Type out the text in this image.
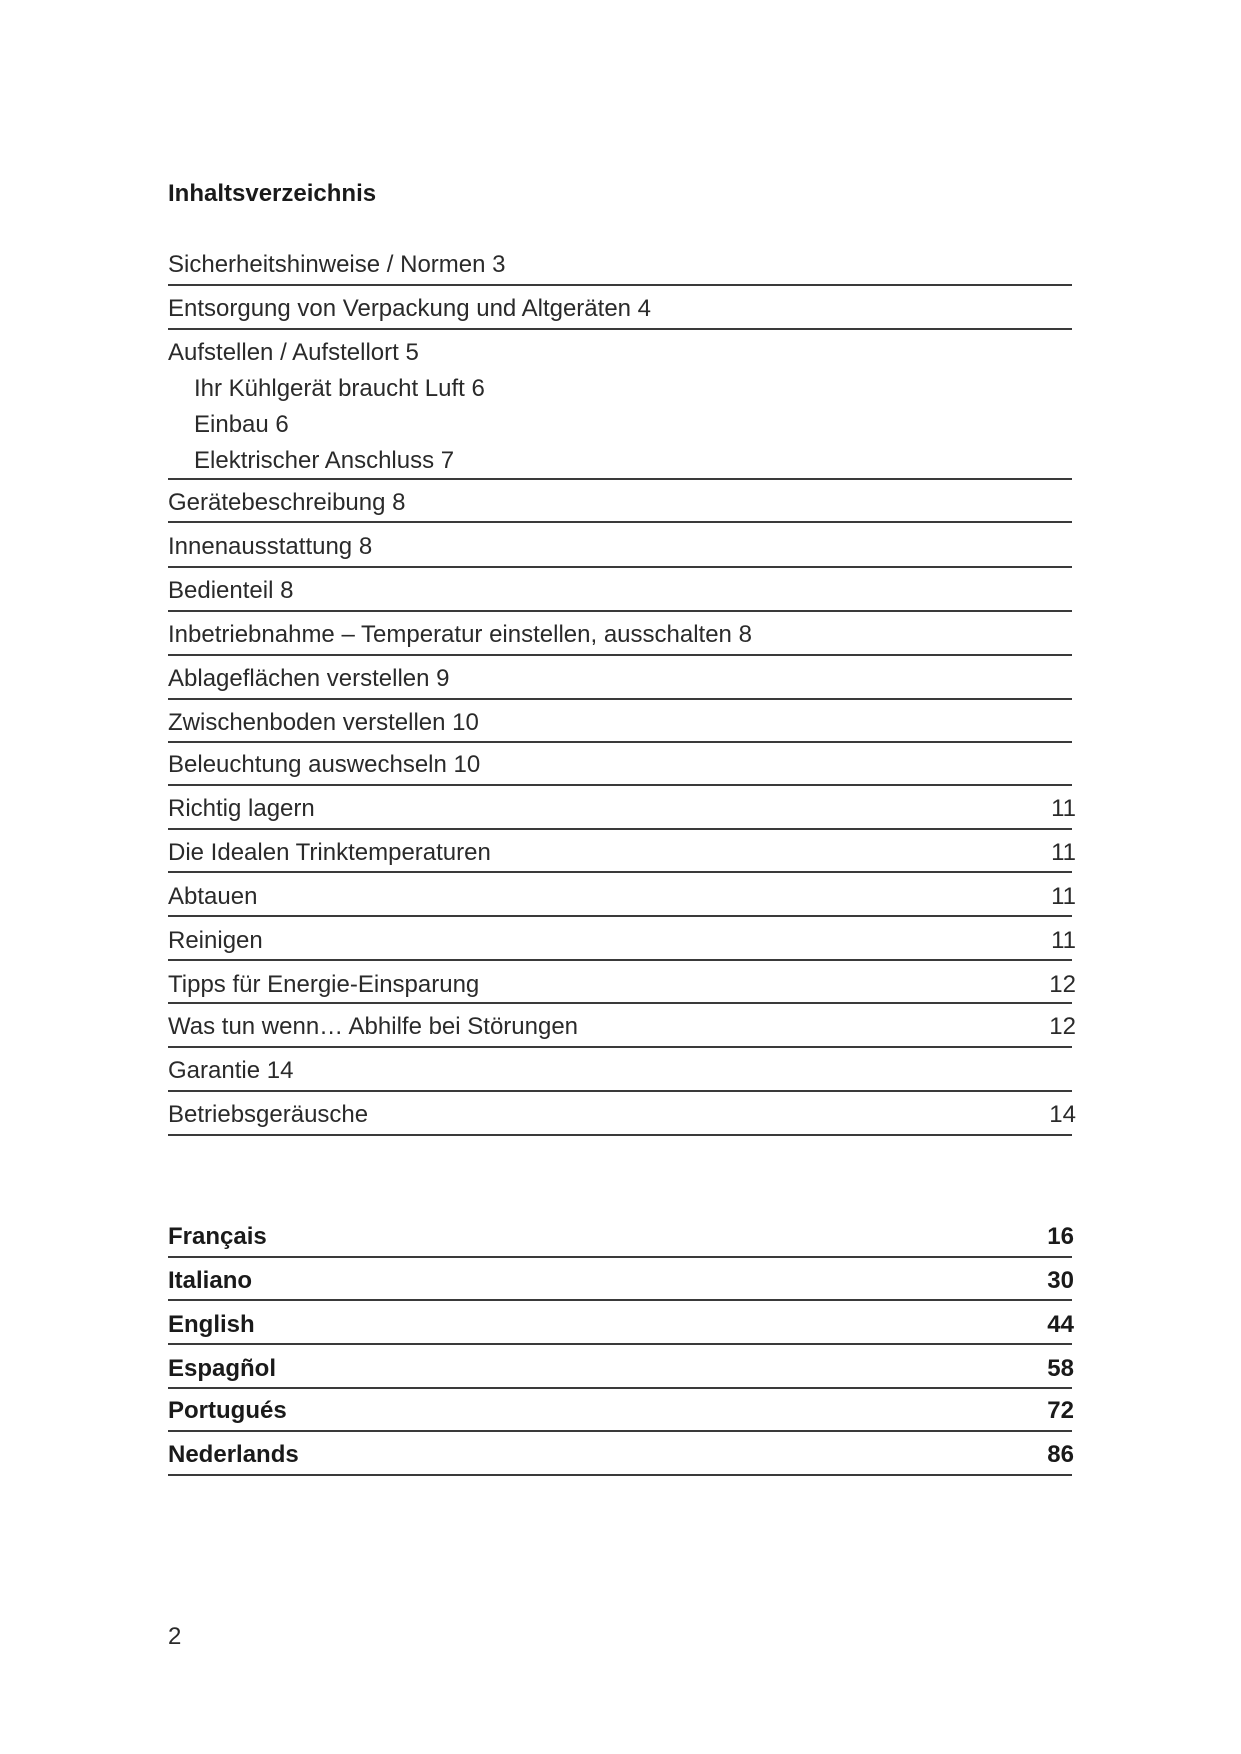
Inhaltsverzeichnis
Sicherheitshinweise / Normen 3
Entsorgung von Verpackung und Altgeräten 4
Aufstellen / Aufstellort 5
Ihr Kühlgerät braucht Luft 6
Einbau 6
Elektrischer Anschluss 7
Gerätebeschreibung 8
Innenausstattung 8
Bedienteil 8
Inbetriebnahme – Temperatur einstellen, ausschalten 8
Ablageflächen verstellen 9
Zwischenboden verstellen 10
Beleuchtung auswechseln 10
Richtig lagern	11
Die Idealen Trinktemperaturen	11
Abtauen	11
Reinigen	11
Tipps für Energie-Einsparung	12
Was tun wenn… Abhilfe bei Störungen	12
Garantie 14
Betriebsgeräusche	14
Français	16
Italiano	30
English	44
Espagñol	58
Portugués	72
Nederlands	86
2
